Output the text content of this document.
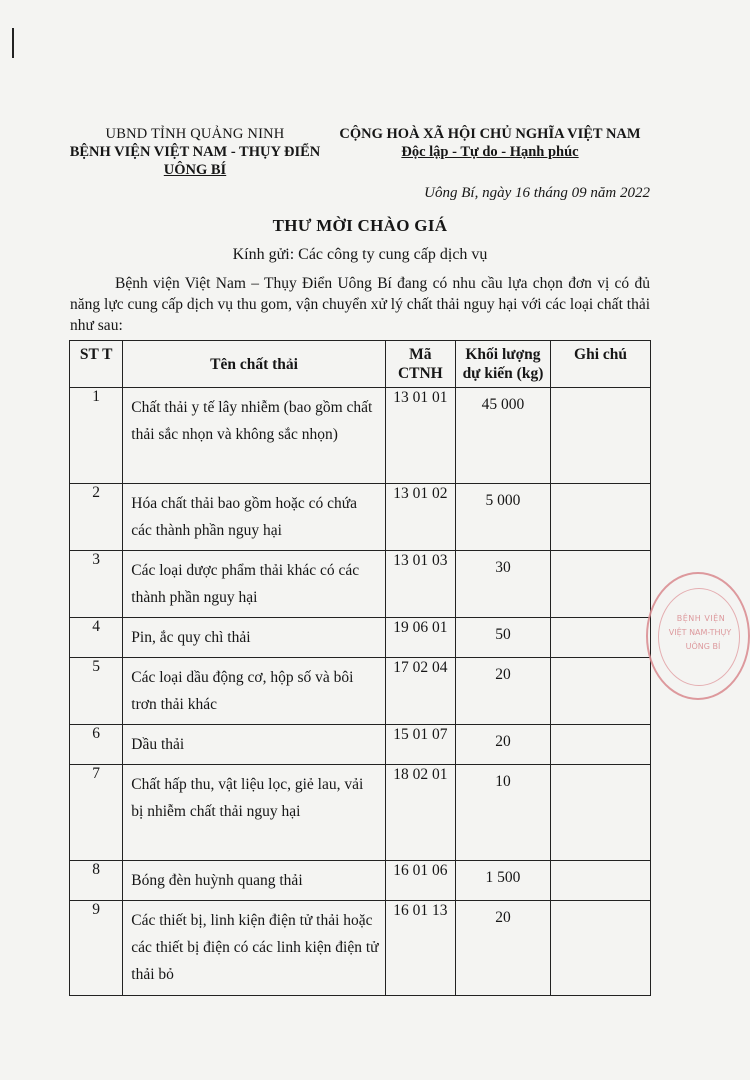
UBND TỈNH QUẢNG NINH
BỆNH VIỆN VIỆT NAM - THỤY ĐIỂN
UÔNG BÍ
CỘNG HOÀ XÃ HỘI CHỦ NGHĨA VIỆT NAM
Độc lập - Tự do - Hạnh phúc
Uông Bí, ngày 16 tháng 09 năm 2022
THƯ MỜI CHÀO GIÁ
Kính gửi: Các công ty cung cấp dịch vụ
Bệnh viện Việt Nam – Thụy Điển Uông Bí đang có nhu cầu lựa chọn đơn vị có đủ năng lực cung cấp dịch vụ thu gom, vận chuyển xử lý chất thải nguy hại với các loại chất thải như sau:
ST T	Tên chất thải	Mã CTNH	Khối lượng dự kiến (kg)	Ghi chú
1	Chất thải y tế lây nhiễm (bao gồm chất thải sắc nhọn và không sắc nhọn)	13 01 01	45 000	
2	Hóa chất thải bao gồm hoặc có chứa các thành phần nguy hại	13 01 02	5 000	
3	Các loại dược phẩm thải khác có các thành phần nguy hại	13 01 03	30	
4	Pin, ắc quy chì thải	19 06 01	50	
5	Các loại dầu động cơ, hộp số và bôi trơn thải khác	17 02 04	20	
6	Dầu thải	15 01 07	20	
7	Chất hấp thu, vật liệu lọc, giẻ lau, vải bị nhiễm chất thải nguy hại	18 02 01	10	
8	Bóng đèn huỳnh quang thải	16 01 06	1 500	
9	Các thiết bị, linh kiện điện tử thải hoặc các thiết bị điện có các linh kiện điện tử thải bỏ	16 01 13	20	
BỆNH VIỆN
VIỆT NAM-THỤY
UÔNG BÍ
